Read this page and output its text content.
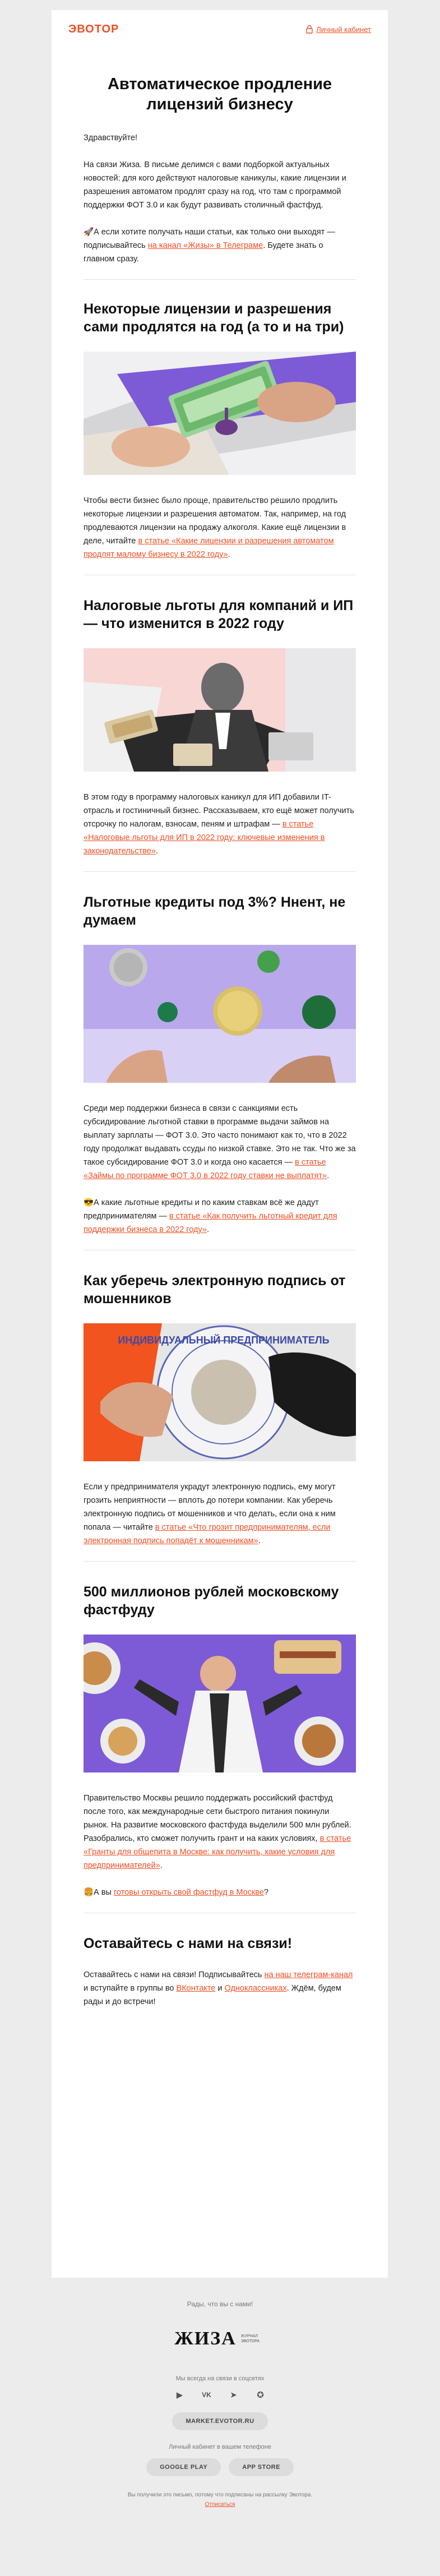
ЭВОТОР	Личный кабинет
Автоматическое продление лицензий бизнесу

Здравствуйте!

На связи Жиза. В письме делимся с вами подборкой актуальных новостей: для кого действуют налоговые каникулы, какие лицензии и разрешения автоматом продлят сразу на год, что там с программой поддержки ФОТ 3.0 и как будут развивать столичный фастфуд.

🚀А если хотите получать наши статьи, как только они выходят — подписывайтесь на канал «Жизы» в Телеграме. Будете знать о главном сразу.

Некоторые лицензии и разрешения сами продлятся на год (а то и на три)

Чтобы вести бизнес было проще, правительство решило продлить некоторые лицензии и разрешения автоматом. Так, например, на год продлеваются лицензии на продажу алкоголя. Какие ещё лицензии в деле, читайте в статье «Какие лицензии и разрешения автоматом продлят малому бизнесу в 2022 году».

Налоговые льготы для компаний и ИП — что изменится в 2022 году

В этом году в программу налоговых каникул для ИП добавили IT-отрасль и гостиничный бизнес. Рассказываем, кто ещё может получить отсрочку по налогам, взносам, пеням и штрафам — в статье «Налоговые льготы для ИП в 2022 году: ключевые изменения в законодательстве».

Льготные кредиты под 3%? Ннент, не думаем

Среди мер поддержки бизнеса в связи с санкциями есть субсидирование льготной ставки в программе выдачи займов на выплату зарплаты — ФОТ 3.0. Это часто понимают как то, что в 2022 году продолжат выдавать ссуды по низкой ставке. Это не так. Что же за такое субсидирование ФОТ 3.0 и когда оно касается — в статье «Займы по программе ФОТ 3.0 в 2022 году ставки не выплатят».

😎А какие льготные кредиты и по каким ставкам всё же дадут предпринимателям — в статье «Как получить льготный кредит для поддержки бизнеса в 2022 году».

Как уберечь электронную подпись от мошенников
ИНДИВИДУАЛЬНЫЙ ПРЕДПРИНИМАТЕЛЬ

Если у предпринимателя украдут электронную подпись, ему могут грозить неприятности — вплоть до потери компании. Как уберечь электронную подпись от мошенников и что делать, если она к ним попала — читайте в статье «Что грозит предпринимателям, если электронная подпись попадёт к мошенникам».

500 миллионов рублей московскому фастфуду

Правительство Москвы решило поддержать российский фастфуд после того, как международные сети быстрого питания покинули рынок. На развитие московского фастфуда выделили 500 млн рублей. Разобрались, кто сможет получить грант и на каких условиях, в статье «Гранты для общепита в Москве: как получить, какие условия для предпринимателей».

🍔А вы готовы открыть свой фастфуд в Москве?

Оставайтесь с нами на связи!

Оставайтесь с нами на связи! Подписывайтесь на наш телеграм-канал и вступайте в группы во ВКонтакте и Одноклассниках. Ждём, будем рады и до встречи!

Рады, что вы с нами!
ЖИЗА ЖУРНАЛ ЭВОТОРА
Мы всегда на связи в соцсетях
▶	VK	➤	✪
MARKET.EVOTOR.RU
Личный кабинет в вашем телефоне
GOOGLE PLAY	APP STORE
Вы получили это письмо, потому что подписаны на рассылку Эвотора.
Отписаться
